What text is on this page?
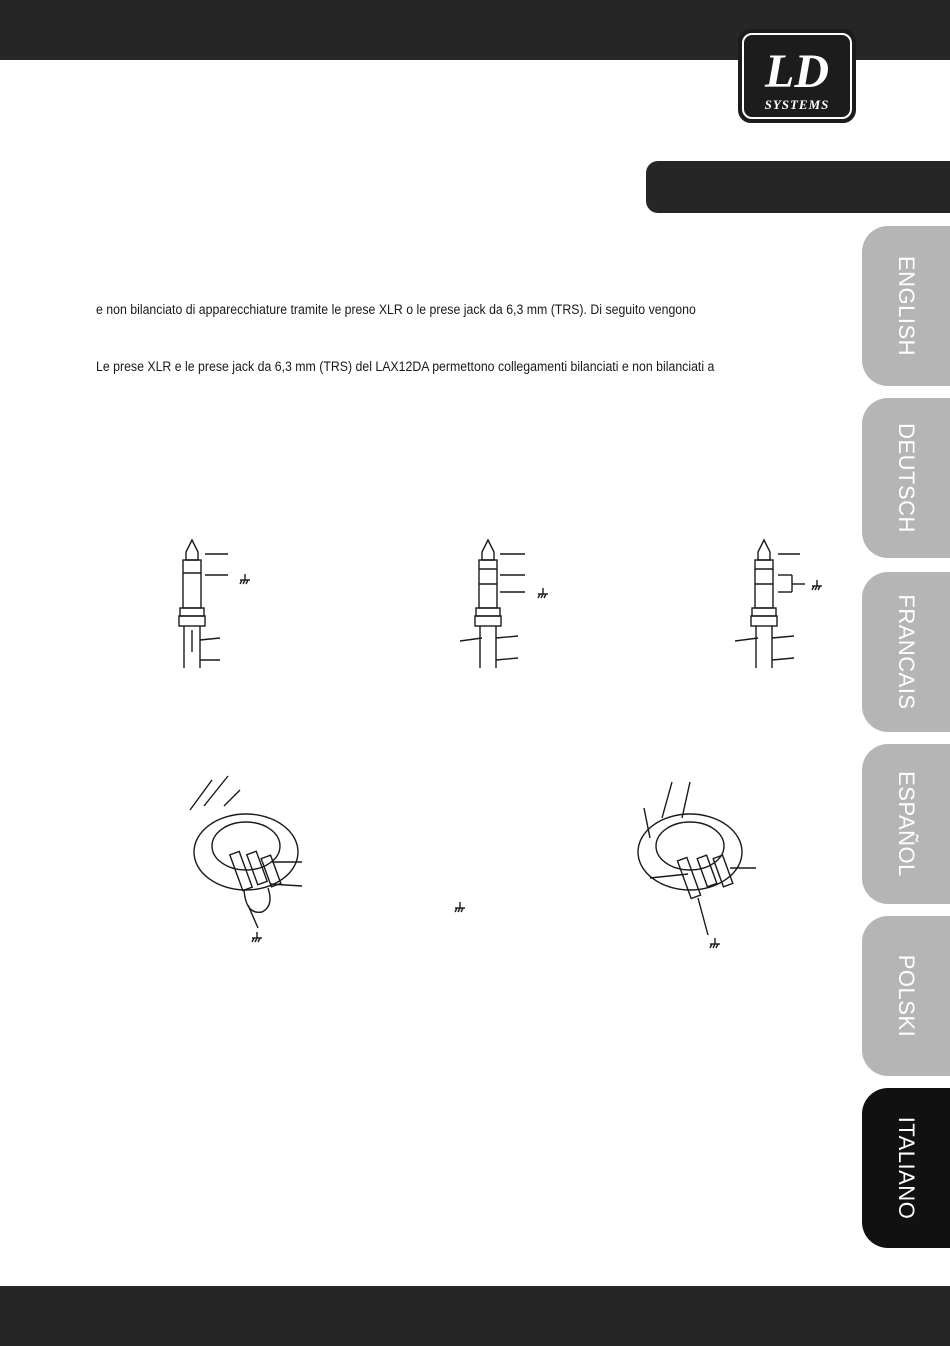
LD
SYSTEMS
e non bilanciato di apparecchiature tramite le prese XLR o le prese jack da 6,3 mm (TRS). Di seguito vengono
Le prese XLR e le prese jack da 6,3 mm (TRS) del LAX12DA permettono collegamenti bilanciati e non bilanciati a
ENGLISH
DEUTSCH
FRANCAIS
ESPAÑOL
POLSKI
ITALIANO
